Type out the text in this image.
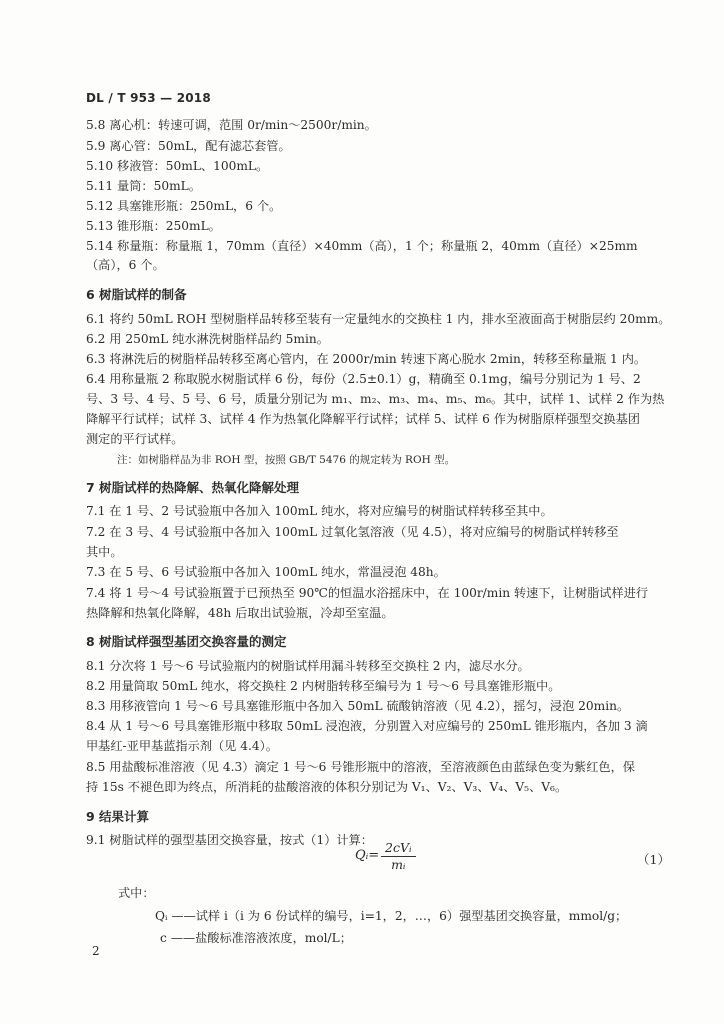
DL / T 953 — 2018
5.8 离心机：转速可调，范围 0r/min～2500r/min。
5.9 离心管：50mL，配有滤芯套管。
5.10 移液管：50mL、100mL。
5.11 量筒：50mL。
5.12 具塞锥形瓶：250mL，6 个。
5.13 锥形瓶：250mL。
5.14 称量瓶：称量瓶 1，70mm（直径）×40mm（高），1 个；称量瓶 2，40mm（直径）×25mm
（高），6 个。
6 树脂试样的制备
6.1 将约 50mL ROH 型树脂样品转移至装有一定量纯水的交换柱 1 内，排水至液面高于树脂层约 20mm。
6.2 用 250mL 纯水淋洗树脂样品约 5min。
6.3 将淋洗后的树脂样品转移至离心管内，在 2000r/min 转速下离心脱水 2min，转移至称量瓶 1 内。
6.4 用称量瓶 2 称取脱水树脂试样 6 份，每份（2.5±0.1）g，精确至 0.1mg，编号分别记为 1 号、2
号、3 号、4 号、5 号、6 号，质量分别记为 m₁、m₂、m₃、m₄、m₅、m₆。其中，试样 1、试样 2 作为热
降解平行试样；试样 3、试样 4 作为热氧化降解平行试样；试样 5、试样 6 作为树脂原样强型交换基团
测定的平行试样。
注：如树脂样品为非 ROH 型，按照 GB/T 5476 的规定转为 ROH 型。
7 树脂试样的热降解、热氧化降解处理
7.1 在 1 号、2 号试验瓶中各加入 100mL 纯水，将对应编号的树脂试样转移至其中。
7.2 在 3 号、4 号试验瓶中各加入 100mL 过氧化氢溶液（见 4.5），将对应编号的树脂试样转移至
其中。
7.3 在 5 号、6 号试验瓶中各加入 100mL 纯水，常温浸泡 48h。
7.4 将 1 号～4 号试验瓶置于已预热至 90℃的恒温水浴摇床中，在 100r/min 转速下，让树脂试样进行
热降解和热氧化降解，48h 后取出试验瓶，冷却至室温。
8 树脂试样强型基团交换容量的测定
8.1 分次将 1 号～6 号试验瓶内的树脂试样用漏斗转移至交换柱 2 内，滤尽水分。
8.2 用量筒取 50mL 纯水，将交换柱 2 内树脂转移至编号为 1 号～6 号具塞锥形瓶中。
8.3 用移液管向 1 号～6 号具塞锥形瓶中各加入 50mL 硫酸钠溶液（见 4.2），摇匀，浸泡 20min。
8.4 从 1 号～6 号具塞锥形瓶中移取 50mL 浸泡液，分别置入对应编号的 250mL 锥形瓶内，各加 3 滴
甲基红-亚甲基蓝指示剂（见 4.4）。
8.5 用盐酸标准溶液（见 4.3）滴定 1 号～6 号锥形瓶中的溶液，至溶液颜色由蓝绿色变为紫红色，保
持 15s 不褪色即为终点，所消耗的盐酸溶液的体积分别记为 V₁、V₂、V₃、V₄、V₅、V₆。
9 结果计算
9.1 树脂试样的强型基团交换容量，按式（1）计算：
Qᵢ=
2cVᵢ
mᵢ	（1）
式中：
Qᵢ ——试样 i（i 为 6 份试样的编号，i=1，2，…，6）强型基团交换容量，mmol/g；
c ——盐酸标准溶液浓度，mol/L；
2
